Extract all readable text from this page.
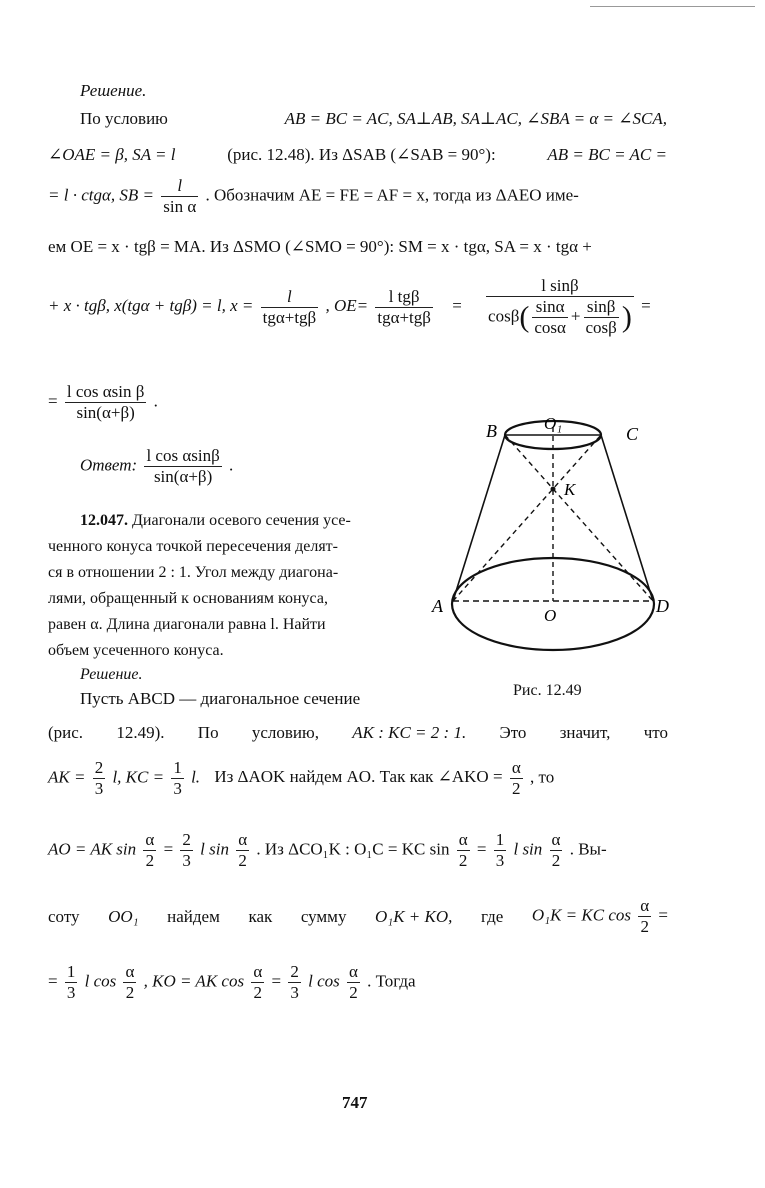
Решение.
По условию	AB = BC = AC, SA⊥AB, SA⊥AC, ∠SBA = α = ∠SCA,
∠OAE = β, SA = l	(рис. 12.48). Из ΔSAB (∠SAB = 90°):	AB = BC = AC =
= l · ctgα, SB = $\frac{l}{\text{sin α}}$ . Обозначим AE = FE = AF = x, тогда из ΔAEO име-
ем OE = x · tgβ = MA. Из ΔSMO (∠SMO = 90°): SM = x · tgα, SA = x · tgα +
+ x · tgβ, x(tgα + tgβ) = l, $x = \frac{l}{\text{tgα+tgβ}}$ , $OE= \frac{\text{l tgβ}}{\text{tgα+tgβ}} = \frac{\text{l sinβ}}{\cos\beta( \frac{\sin\alpha}{\cos\alpha} + \frac{\sin\beta}{\cos\beta} )}$ =
= $\frac{\text{l cos αsin β}}{\sin(\alpha+\beta)}$ .
Ответ: $\frac{\text{l cos αsinβ}}{\sin(\alpha+\beta)}$ .
12.047. Диагонали осевого сечения усе-
ченного конуса точкой пересечения делят-
ся в отношении 2 : 1. Угол между диагона-
лями, обращенный к основаниям конуса,
равен α. Длина диагонали равна l. Найти
объем усеченного конуса.
Решение.
Пусть ABCD — диагональное сечение
B	C
O₁
K
A	D
O
Рис. 12.49
(рис. 12.49). По условию, AK : KC = 2 : 1. Это значит, что
AK = $\frac{2}{3} l$, KC = $\frac{1}{3} l$. Из ΔAOK найдем AO. Так как ∠AKO = $\frac{\alpha}{2}$ , то
AO = AK $\sin \frac{\alpha}{2} = \frac{2}{3}$ l $\sin \frac{\alpha}{2}$ . Из ΔCO₁K : O₁C = KC $\sin \frac{\alpha}{2} = \frac{1}{3}$ l $\sin \frac{\alpha}{2}$ . Вы-
соту OO₁ найдем как сумму O₁K + KO, где O₁K = KC $\cos \frac{\alpha}{2}$ =
= $\frac{1}{3}$ l $\cos \frac{\alpha}{2}$ , KO = AK $\cos \frac{\alpha}{2} = \frac{2}{3}$ l $\cos \frac{\alpha}{2}$ . Тогда
747
